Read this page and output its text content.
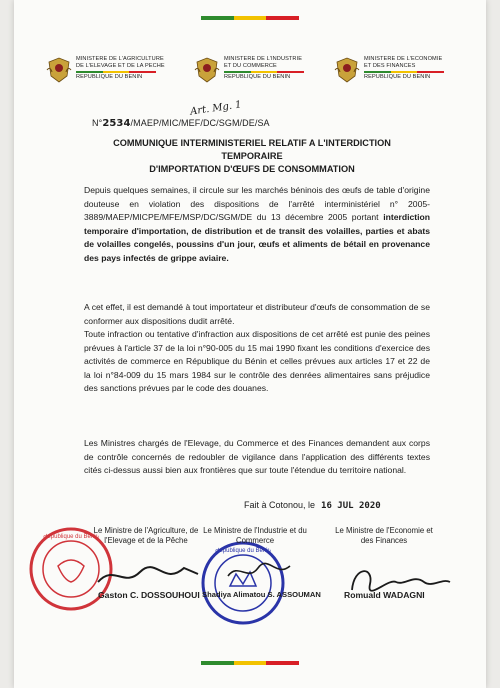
MINISTERE DE L'AGRICULTURE
DE L'ELEVAGE ET DE LA PECHE
REPUBLIQUE DU BENIN
MINISTERE DE L'INDUSTRIE
ET DU COMMERCE
REPUBLIQUE DU BENIN
MINISTERE DE L'ECONOMIE
ET DES FINANCES
REPUBLIQUE DU BENIN
Art. Mg. 1
N°2534/MAEP/MIC/MEF/DC/SGM/DE/SA
COMMUNIQUE INTERMINISTERIEL RELATIF A L'INTERDICTION TEMPORAIRE
D'IMPORTATION D'ŒUFS DE CONSOMMATION
Depuis quelques semaines, il circule sur les marchés béninois des œufs de table d'origine douteuse en violation des dispositions de l'arrêté interministériel n° 2005-3889/MAEP/MICPE/MFE/MSP/DC/SGM/DE du 13 décembre 2005 portant interdiction temporaire d'importation, de distribution et de transit des volailles, parties et abats de volailles congelés, poussins d'un jour, œufs et aliments de bétail en provenance des pays infectés de grippe aviaire.
A cet effet, il est demandé à tout importateur et distributeur d'œufs de consommation de se conformer aux dispositions dudit arrêté.
Toute infraction ou tentative d'infraction aux dispositions de cet arrêté est punie des peines prévues à l'article 37 de la loi n°90-005 du 15 mai 1990 fixant les conditions d'exercice des activités de commerce en République du Bénin et celles prévues aux articles 17 et 22 de la loi n°84-009 du 15 mars 1984 sur le contrôle des denrées alimentaires sans préjudice des sanctions prévues par le code des douanes.
Les Ministres chargés de l'Elevage, du Commerce et des Finances demandent aux corps de contrôle concernés de redoubler de vigilance dans l'application des différents textes cités ci-dessus aussi bien aux frontières que sur toute l'étendue du territoire national.
Fait à Cotonou, le 16 JUL 2020
République du Bénin
République du Bénin
Le Ministre de l'Agriculture, de
l'Elevage et de la Pêche
Le Ministre de l'Industrie et du
Commerce
Le Ministre de l'Economie et
des Finances
Gaston C. DOSSOUHOUI Shadiya Alimatou S. ASSOUMAN	Romuald WADAGNI
